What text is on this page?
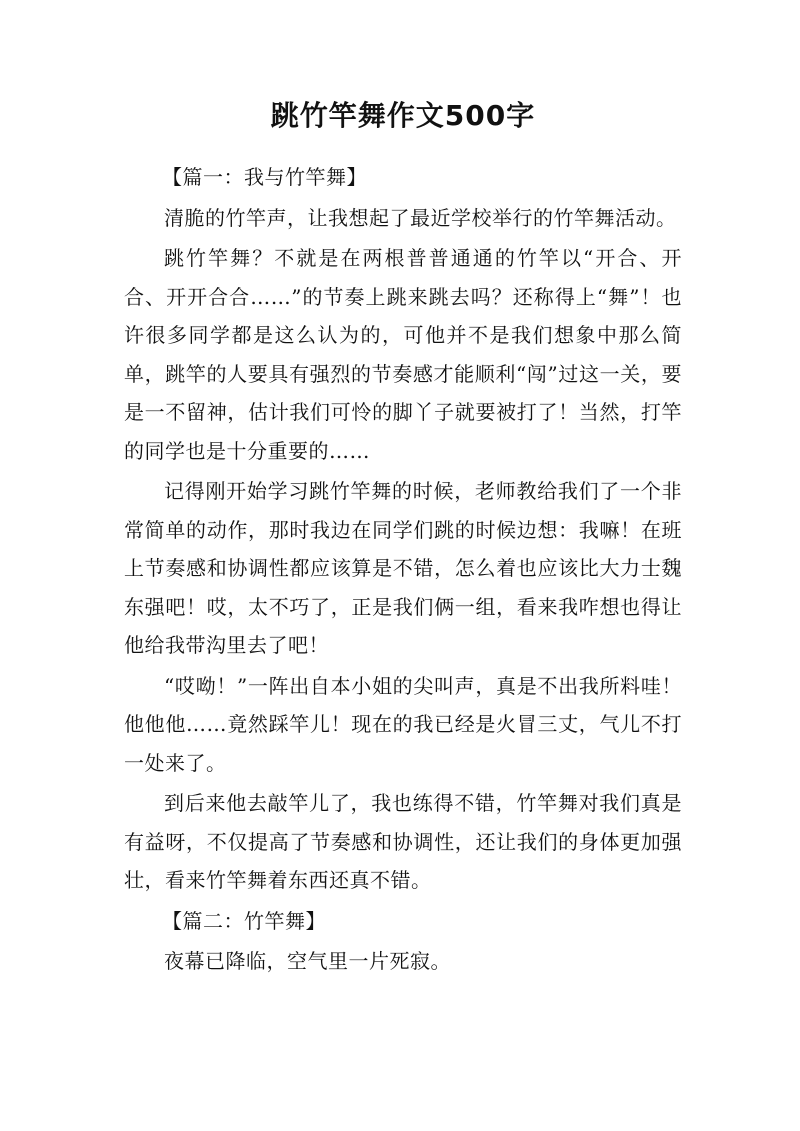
跳竹竿舞作文500字

【篇一：我与竹竿舞】

清脆的竹竿声，让我想起了最近学校举行的竹竿舞活动。

跳竹竿舞？不就是在两根普普通通的竹竿以“开合、开合、开开合合……”的节奏上跳来跳去吗？还称得上“舞”！也许很多同学都是这么认为的，可他并不是我们想象中那么简单，跳竿的人要具有强烈的节奏感才能顺利“闯”过这一关，要是一不留神，估计我们可怜的脚丫子就要被打了！当然，打竿的同学也是十分重要的……

记得刚开始学习跳竹竿舞的时候，老师教给我们了一个非常简单的动作，那时我边在同学们跳的时候边想：我嘛！在班上节奏感和协调性都应该算是不错，怎么着也应该比大力士魏东强吧！哎，太不巧了，正是我们俩一组，看来我咋想也得让他给我带沟里去了吧！

“哎呦！”一阵出自本小姐的尖叫声，真是不出我所料哇！他他他……竟然踩竿儿！现在的我已经是火冒三丈，气儿不打一处来了。

到后来他去敲竿儿了，我也练得不错，竹竿舞对我们真是有益呀，不仅提高了节奏感和协调性，还让我们的身体更加强壮，看来竹竿舞着东西还真不错。

【篇二：竹竿舞】

夜幕已降临，空气里一片死寂。
